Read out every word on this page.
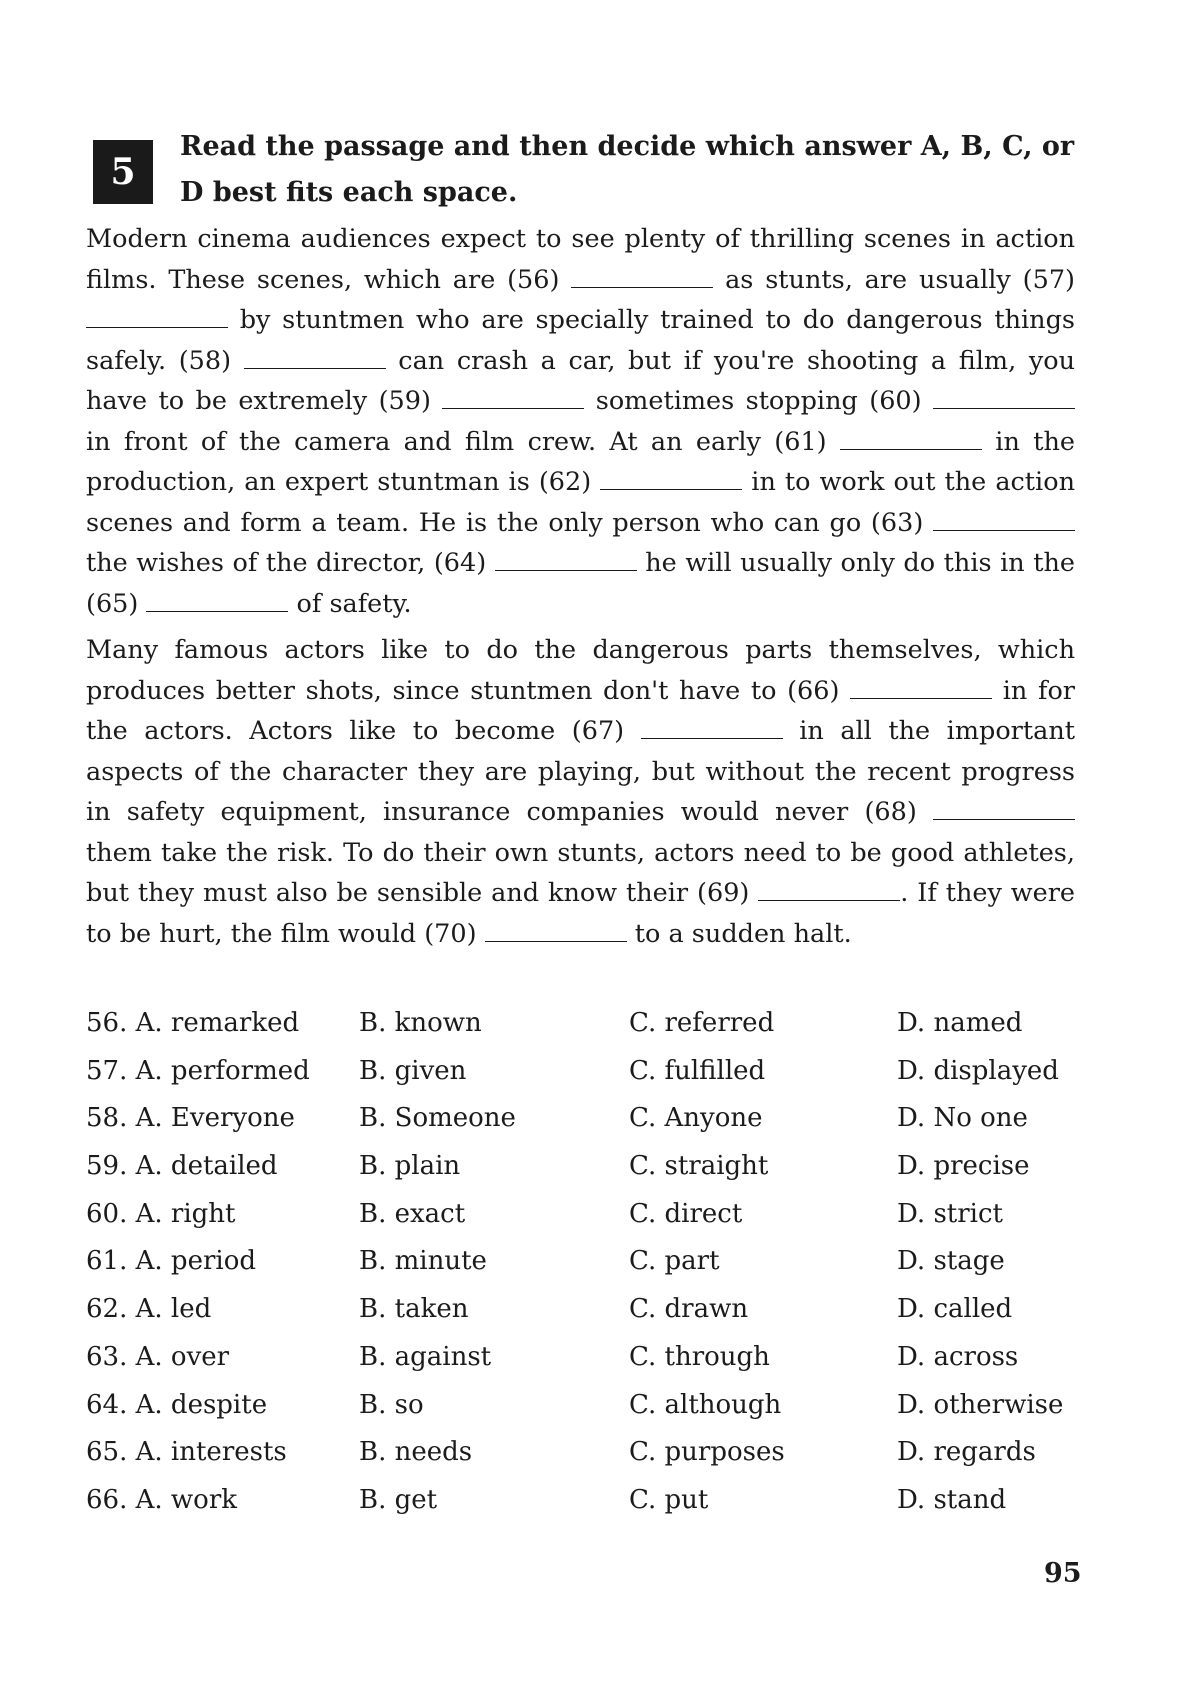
5
Read the passage and then decide which answer A, B, C, or D best fits each space.

Modern cinema audiences expect to see plenty of thrilling scenes in action films. These scenes, which are (56)	as stunts, are usually (57)  by stuntmen who are specially trained to do dangerous things safely. (58)	can crash a car, but if you're shooting a film, you have to be extremely (59)	sometimes stopping (60)  in front of the camera and film crew. At an early (61)	in the production, an expert stuntman is (62)	in to work out the action scenes and form a team. He is the only person who can go (63)  the wishes of the director, (64)	he will usually only do this in the (65)	of safety.

Many famous actors like to do the dangerous parts themselves, which produces better shots, since stuntmen don't have to (66)	in for the actors. Actors like to become (67)	in all the important aspects of the character they are playing, but without the recent progress in safety equipment, insurance companies would never (68)  them take the risk. To do their own stunts, actors need to be good athletes, but they must also be sensible and know their (69)	. If they were to be hurt, the film would (70)	to a sudden halt.

56. A. remarked B. known	C. referred	D. named
57. A. performed B. given	C. fulfilled	D. displayed
58. A. Everyone B. Someone	C. Anyone	D. No one
59. A. detailed	B. plain	C. straight	D. precise
60. A. right	B. exact	C. direct	D. strict
61. A. period	B. minute	C. part	D. stage
62. A. led	B. taken	C. drawn	D. called
63. A. over	B. against	C. through	D. across
64. A. despite	B. so	C. although	D. otherwise
65. A. interests	B. needs	C. purposes	D. regards
66. A. work	B. get	C. put	D. stand
95
